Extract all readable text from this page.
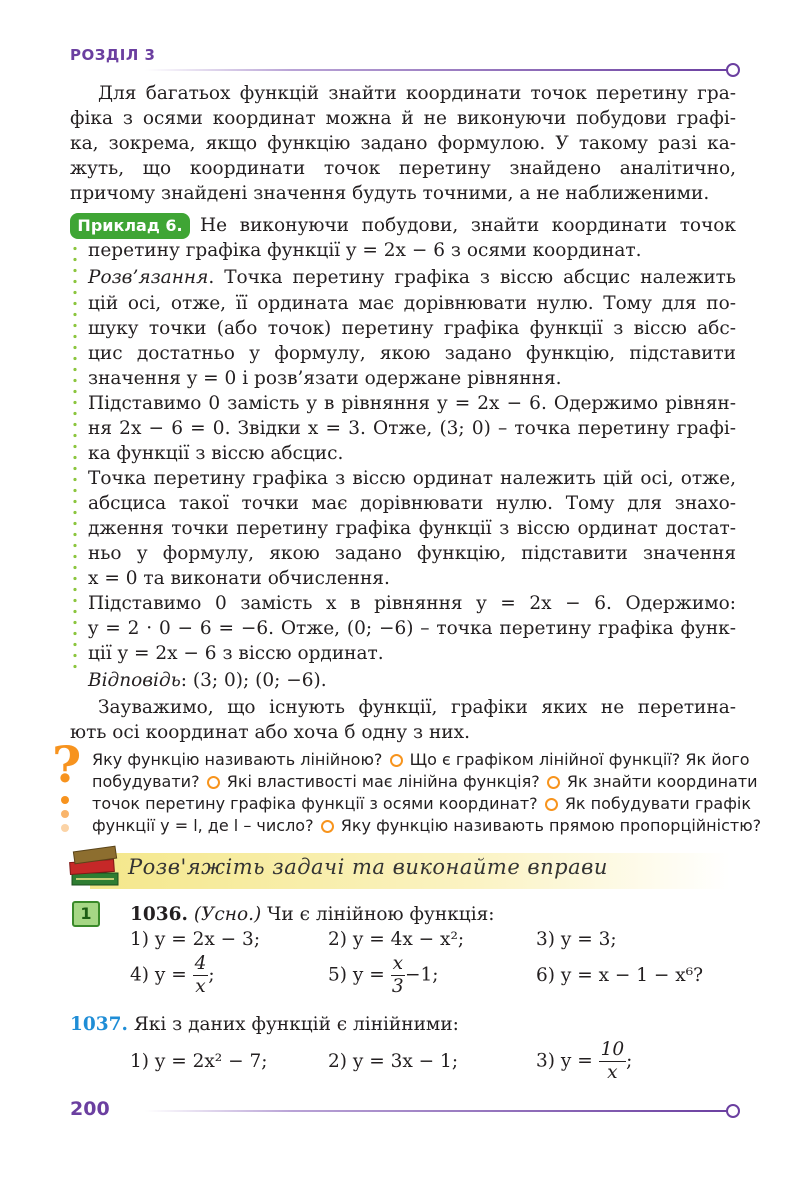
РОЗДІЛ 3
Для багатьох функцій знайти координати точок перетину гра-
фіка з осями координат можна й не виконуючи побудови графі-
ка, зокрема, якщо функцію задано формулою. У такому разі ка-
жуть, що координати точок перетину знайдено аналітично,
причому знайдені значення будуть точними, а не наближеними.
Приклад 6. Не виконуючи побудови, знайти координати точок
перетину графіка функції y = 2x − 6 з осями координат.
Розв’язання. Точка перетину графіка з віссю абсцис належить
цій осі, отже, її ордината має дорівнювати нулю. Тому для по-
шуку точки (або точок) перетину графіка функції з віссю абс-
цис достатньо у формулу, якою задано функцію, підставити
значення y = 0 і розв’язати одержане рівняння.
Підставимо 0 замість y в рівняння y = 2x − 6. Одержимо рівнян-
ня 2x − 6 = 0. Звідки x = 3. Отже, (3; 0) – точка перетину графі-
ка функції з віссю абсцис.
Точка перетину графіка з віссю ординат належить цій осі, отже,
абсциса такої точки має дорівнювати нулю. Тому для знахо-
дження точки перетину графіка функції з віссю ординат достат-
ньо у формулу, якою задано функцію, підставити значення
x = 0 та виконати обчислення.
Підставимо 0 замість x в рівняння y = 2x − 6. Одержимо:
y = 2 · 0 − 6 = −6. Отже, (0; −6) – точка перетину графіка функ-
ції y = 2x − 6 з віссю ординат.
Відповідь: (3; 0); (0; −6).
Зауважимо, що існують функції, графіки яких не перетина-
ють осі координат або хоча б одну з них.
? Яку функцію називають лінійною? Що є графіком лінійної функції? Як його
побудувати? Які властивості має лінійна функція? Як знайти координати
точок перетину графіка функції з осями координат? Як побудувати графік
функції y = l, де l – число? Яку функцію називають прямою пропорційністю?
Розв'яжіть задачі та виконайте вправи
1	1036. (Усно.) Чи є лінійною функція:
1) y = 2x − 3;	2) y = 4x − x²;	3) y = 3;
4) $y = \frac{4}{x}$ ;	5) $y = \frac{x}{3} -1$;	6) y = x − 1 − x⁶?
1037. Які з даних функцій є лінійними:
1) y = 2x² − 7;	2) y = 3x − 1;	3) $y = \frac{10}{x}$ ;
200
